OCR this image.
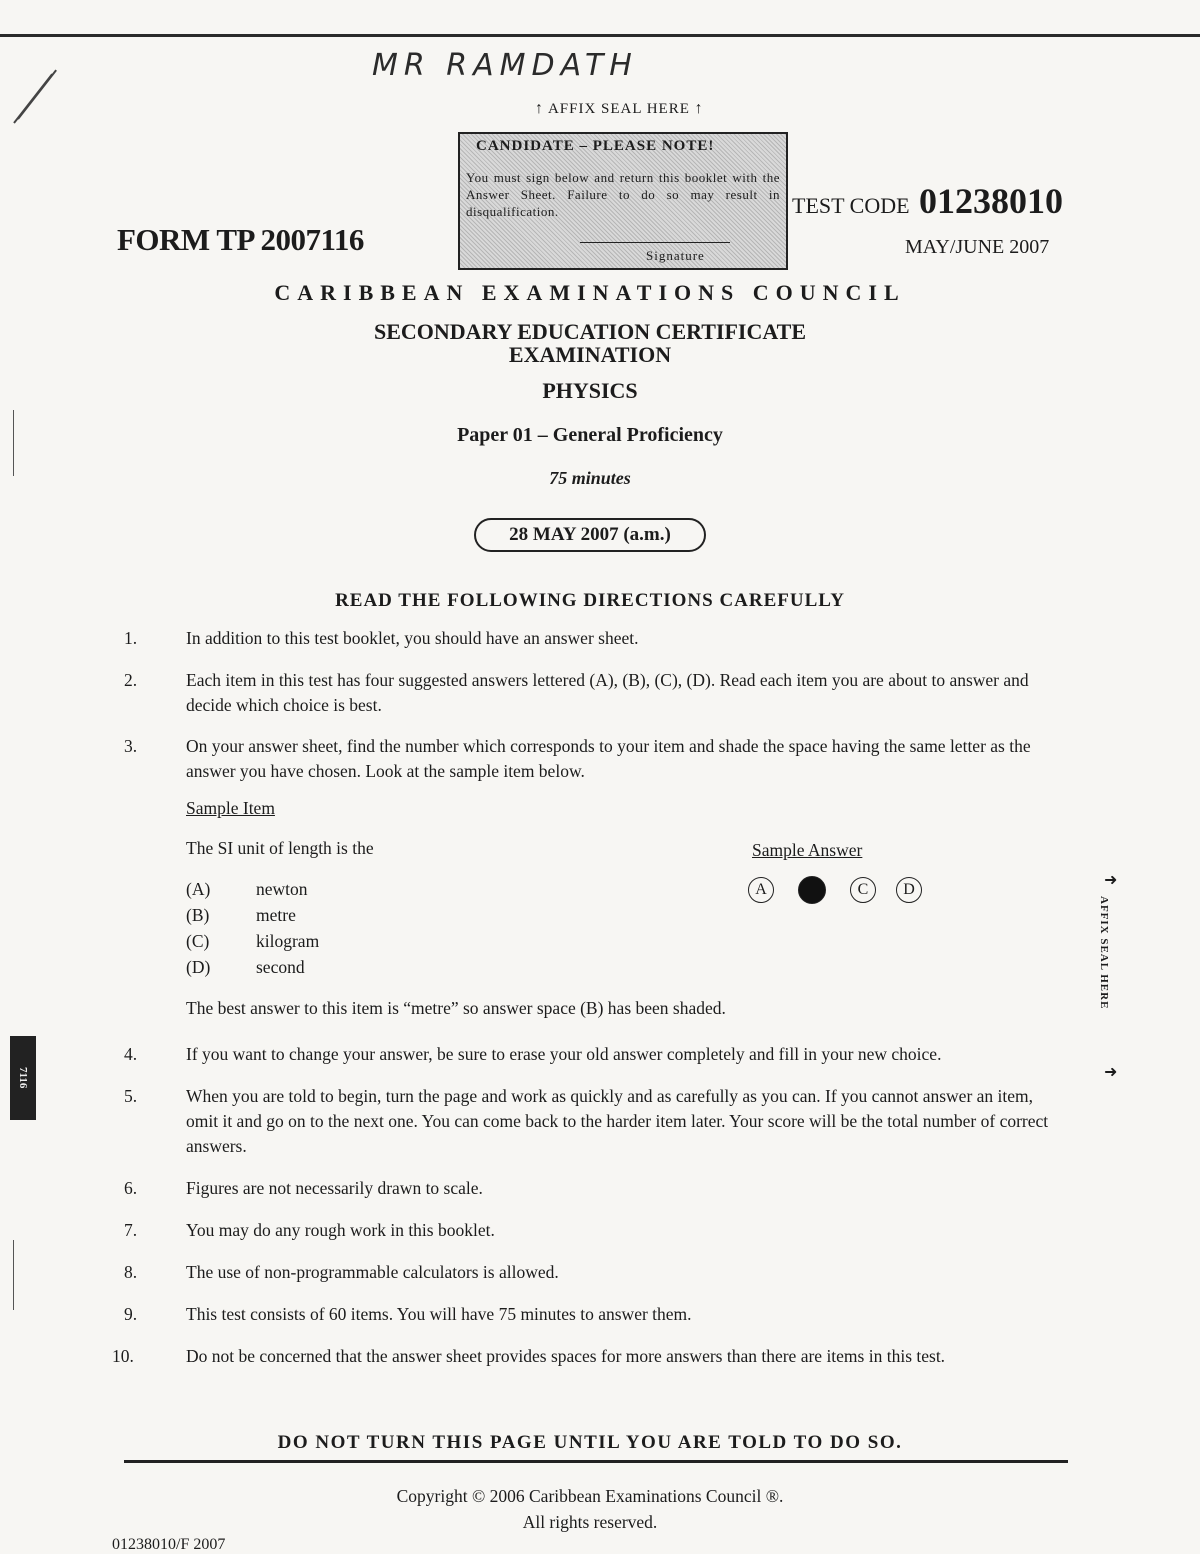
MR RAMDATH
↑ AFFIX SEAL HERE ↑
CANDIDATE – PLEASE NOTE!
You must sign below and return this booklet with the Answer Sheet. Failure to do so may result in disqualification.
Signature
TEST CODE 01238010
FORM TP 2007116	MAY/JUNE 2007
CARIBBEAN EXAMINATIONS COUNCIL
SECONDARY EDUCATION CERTIFICATE
EXAMINATION
PHYSICS
Paper 01 – General Proficiency
75 minutes
28 MAY 2007 (a.m.)
READ THE FOLLOWING DIRECTIONS CAREFULLY
1.	In addition to this test booklet, you should have an answer sheet.
2.	Each item in this test has four suggested answers lettered (A), (B), (C), (D). Read each item you are about to answer and decide which choice is best.
3.	On your answer sheet, find the number which corresponds to your item and shade the space having the same letter as the answer you have chosen. Look at the sample item below.
Sample Item
The SI unit of length is the
(A)	newton
(B)	metre
(C)	kilogram
(D)	second
Sample Answer
A	C	D
The best answer to this item is “metre” so answer space (B) has been shaded.
4.	If you want to change your answer, be sure to erase your old answer completely and fill in your new choice.
5.	When you are told to begin, turn the page and work as quickly and as carefully as you can. If you cannot answer an item, omit it and go on to the next one. You can come back to the harder item later. Your score will be the total number of correct answers.
6.	Figures are not necessarily drawn to scale.
7.	You may do any rough work in this booklet.
8.	The use of non-programmable calculators is allowed.
9.	This test consists of 60 items. You will have 75 minutes to answer them.
10.	Do not be concerned that the answer sheet provides spaces for more answers than there are items in this test.
➜
AFFIX SEAL HERE
➜
7116
DO NOT TURN THIS PAGE UNTIL YOU ARE TOLD TO DO SO.
Copyright © 2006 Caribbean Examinations Council ®.
All rights reserved.
01238010/F 2007
